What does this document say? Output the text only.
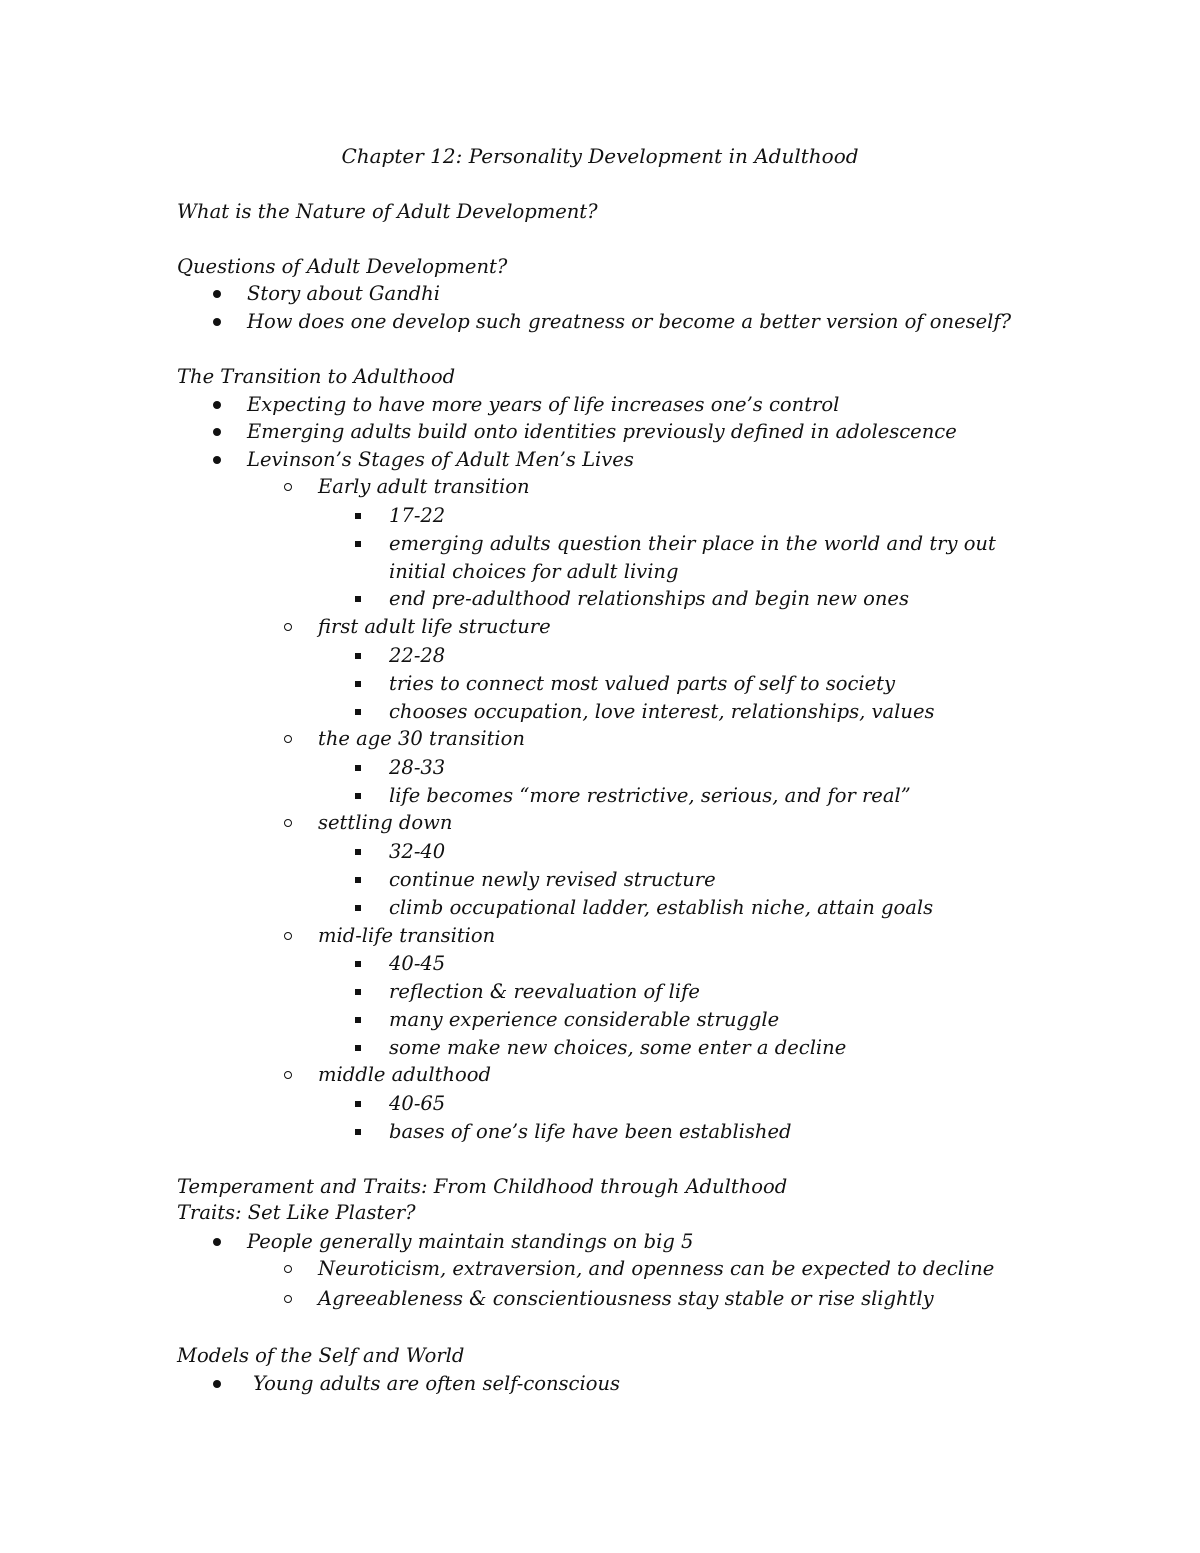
Chapter 12: Personality Development in Adulthood
What is the Nature of Adult Development?
Questions of Adult Development?
Story about Gandhi
How does one develop such greatness or become a better version of oneself?
The Transition to Adulthood
Expecting to have more years of life increases one’s control
Emerging adults build onto identities previously defined in adolescence
Levinson’s Stages of Adult Men’s Lives
Early adult transition
17-22
emerging adults question their place in the world and try out
initial choices for adult living
end pre-adulthood relationships and begin new ones
first adult life structure
22-28
tries to connect most valued parts of self to society
chooses occupation, love interest, relationships, values
the age 30 transition
28-33
life becomes “more restrictive, serious, and for real”
settling down
32-40
continue newly revised structure
climb occupational ladder, establish niche, attain goals
mid-life transition
40-45
reflection & reevaluation of life
many experience considerable struggle
some make new choices, some enter a decline
middle adulthood
40-65
bases of one’s life have been established
Temperament and Traits: From Childhood through Adulthood
Traits: Set Like Plaster?
People generally maintain standings on big 5
Neuroticism, extraversion, and openness can be expected to decline
Agreeableness & conscientiousness stay stable or rise slightly
Models of the Self and World
Young adults are often self-conscious
